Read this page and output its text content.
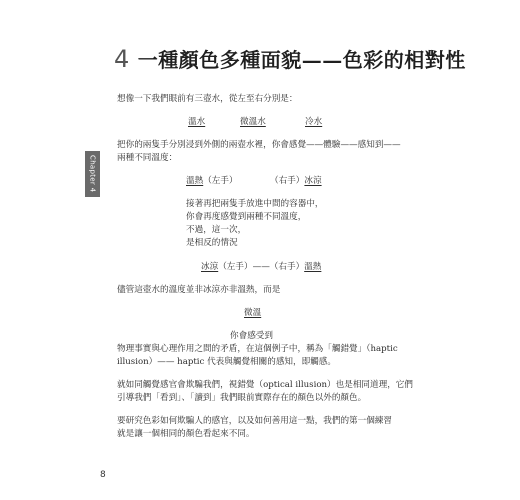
4 一種顏色多種面貌——色彩的相對性
Chapter 4
想像一下我們眼前有三壺水，從左至右分別是：
溫水	微溫水	冷水
把你的兩隻手分別浸到外側的兩壺水裡，你會感覺——體驗——感知到——
兩種不同溫度：
溫熱（左手）	（右手）冰涼
接著再把兩隻手放進中間的容器中，
你會再度感覺到兩種不同溫度，
不過，這一次，
是相反的情況
冰涼（左手）——（右手）溫熱
儘管這壺水的溫度並非冰涼亦非溫熱，而是
微溫
你會感受到
物理事實與心理作用之間的矛盾，在這個例子中，稱為「觸錯覺」（haptic
illusion）—— haptic 代表與觸覺相關的感知，即觸感。
就如同觸覺感官會欺騙我們，視錯覺（optical illusion）也是相同道理，它們
引導我們「看到」、「讀到」我們眼前實際存在的顏色以外的顏色。
要研究色彩如何欺騙人的感官，以及如何善用這一點，我們的第一個練習
就是讓一個相同的顏色看起來不同。
8
